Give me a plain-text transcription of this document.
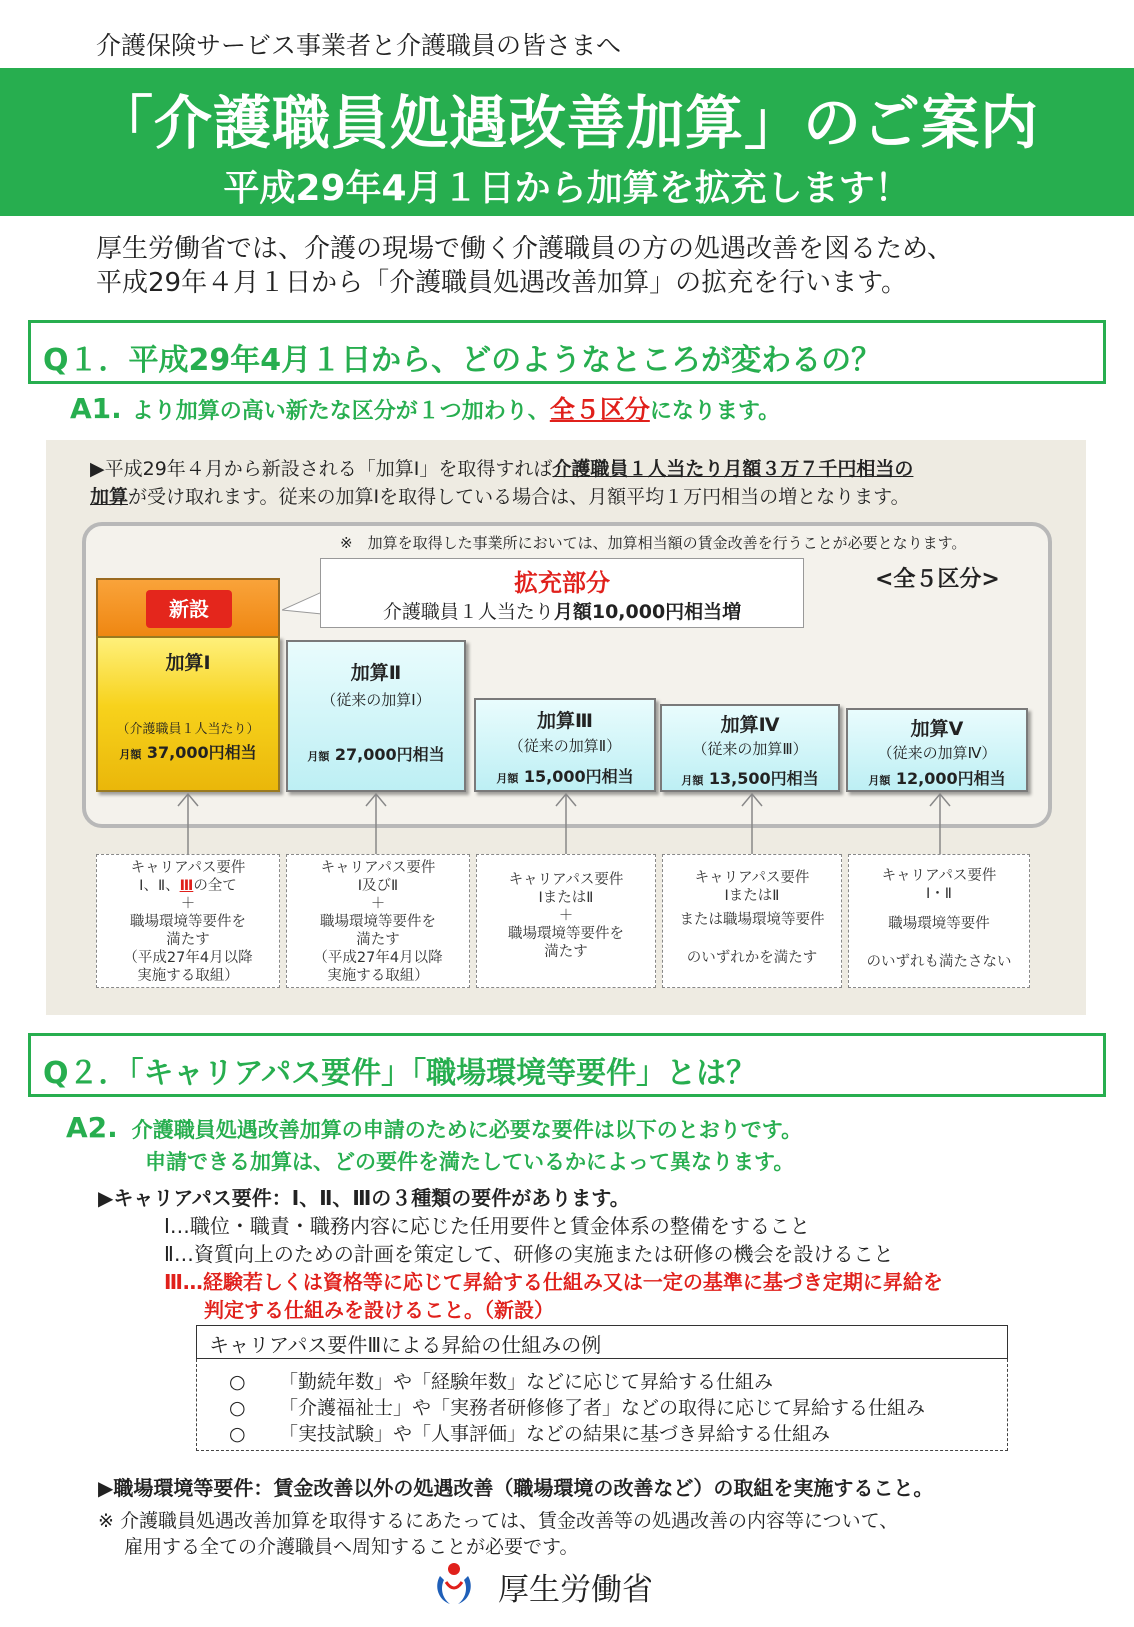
介護保険サービス事業者と介護職員の皆さまへ
「介護職員処遇改善加算」のご案内
平成29年4月１日から加算を拡充します！
厚生労働省では、介護の現場で働く介護職員の方の処遇改善を図るため、
平成29年４月１日から「介護職員処遇改善加算」の拡充を行います。
Q１．平成29年4月１日から、どのようなところが変わるの？
A1. より加算の高い新たな区分が１つ加わり、全５区分になります。
▶平成29年４月から新設される「加算Ⅰ」を取得すれば介護職員１人当たり月額３万７千円相当の
加算が受け取れます。従来の加算Ⅰを取得している場合は、月額平均１万円相当の増となります。
※　加算を取得した事業所においては、加算相当額の賃金改善を行うことが必要となります。
<全５区分>
拡充部分
介護職員１人当たり月額10,000円相当増
新設
加算Ⅰ
（介護職員１人当たり）
月額 37,000円相当
加算Ⅱ
（従来の加算Ⅰ）
月額 27,000円相当
加算Ⅲ
（従来の加算Ⅱ）
月額 15,000円相当
加算Ⅳ
（従来の加算Ⅲ）
月額 13,500円相当
加算Ⅴ
（従来の加算Ⅳ）
月額 12,000円相当
キャリアパス要件
Ⅰ、Ⅱ、Ⅲの全て
＋
職場環境等要件を
満たす
（平成27年4月以降
実施する取組）
キャリアパス要件
Ⅰ及びⅡ
＋
職場環境等要件を
満たす
（平成27年4月以降
実施する取組）
キャリアパス要件
ⅠまたはⅡ
＋
職場環境等要件を
満たす
キャリアパス要件
ⅠまたはⅡ
または職場環境等要件
のいずれかを満たす
キャリアパス要件
Ⅰ・Ⅱ
職場環境等要件
のいずれも満たさない
Q２．「キャリアパス要件」「職場環境等要件」とは？
A2. 介護職員処遇改善加算の申請のために必要な要件は以下のとおりです。
申請できる加算は、どの要件を満たしているかによって異なります。
▶キャリアパス要件：Ⅰ、Ⅱ、Ⅲの３種類の要件があります。
Ⅰ…職位・職責・職務内容に応じた任用要件と賃金体系の整備をすること
Ⅱ…資質向上のための計画を策定して、研修の実施または研修の機会を設けること
Ⅲ…経験若しくは資格等に応じて昇給する仕組み又は一定の基準に基づき定期に昇給を
判定する仕組みを設けること。（新設）
キャリアパス要件Ⅲによる昇給の仕組みの例
○ 「勤続年数」や「経験年数」などに応じて昇給する仕組み
○ 「介護福祉士」や「実務者研修修了者」などの取得に応じて昇給する仕組み
○ 「実技試験」や「人事評価」などの結果に基づき昇給する仕組み
▶職場環境等要件：賃金改善以外の処遇改善（職場環境の改善など）の取組を実施すること。
※ 介護職員処遇改善加算を取得するにあたっては、賃金改善等の処遇改善の内容等について、
雇用する全ての介護職員へ周知することが必要です。
厚生労働省
